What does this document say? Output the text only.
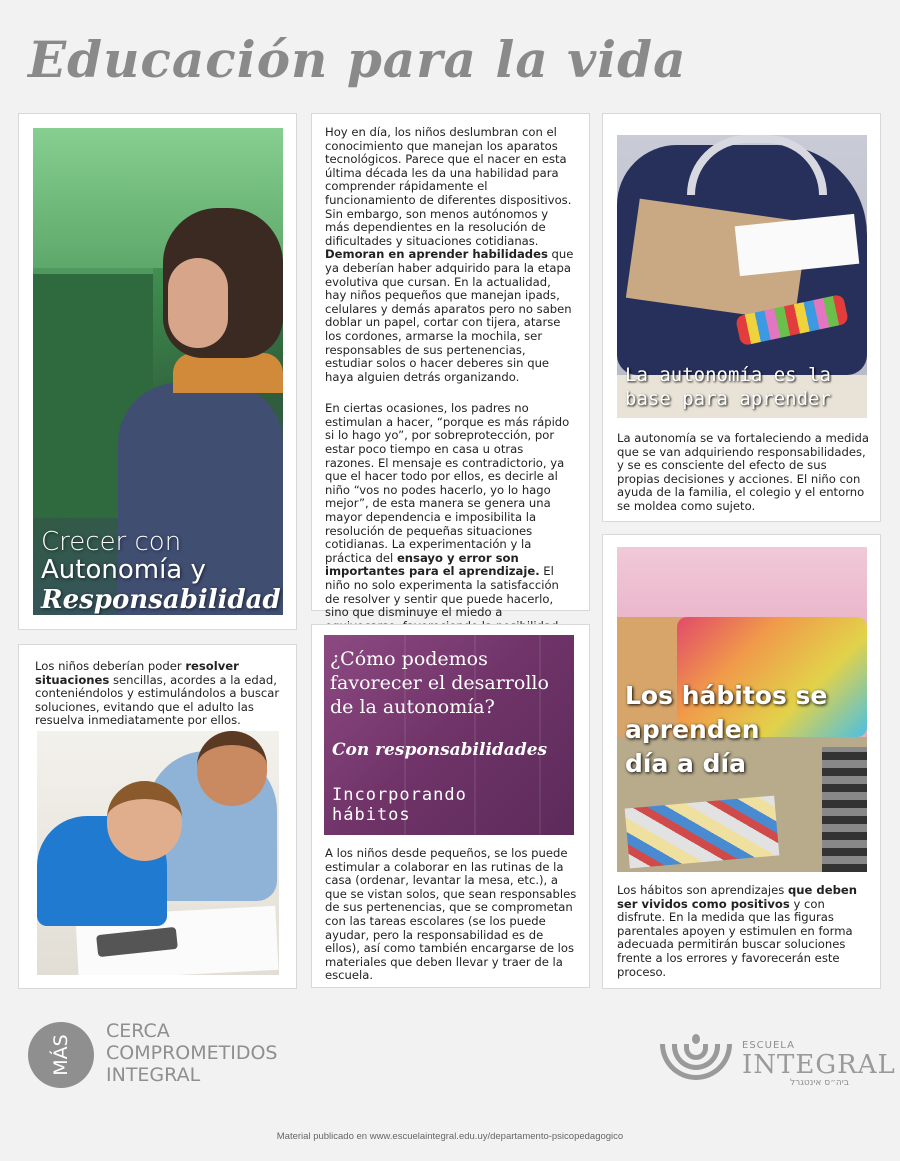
Educación para la vida
Crecer con
Autonomía y
Responsabilidad

Hoy en día, los niños deslumbran con el conocimiento que manejan los aparatos tecnológicos. Parece que el nacer en esta última década les da una habilidad para comprender rápidamente el funcionamiento de diferentes dispositivos. Sin embargo, son menos autónomos y más dependientes en la resolución de dificultades y situaciones cotidianas. Demoran en aprender habilidades que ya deberían haber adquirido para la etapa evolutiva que cursan. En la actualidad, hay niños pequeños que manejan ipads, celulares y demás aparatos pero no saben doblar un papel, cortar con tijera, atarse los cordones, armarse la mochila, ser responsables de sus pertenencias, estudiar solos o hacer deberes sin que haya alguien detrás organizando.

En ciertas ocasiones, los padres no estimulan a hacer, “porque es más rápido si lo hago yo”, por sobreprotección, por estar poco tiempo en casa u otras razones. El mensaje es contradictorio, ya que el hacer todo por ellos, es decirle al niño “vos no podes hacerlo, yo lo hago mejor”, de esta manera se genera una mayor dependencia e imposibilita la resolución de pequeñas situaciones cotidianas. La experimentación y la práctica del ensayo y error son importantes para el aprendizaje. El niño no solo experimenta la satisfacción de resolver y sentir que puede hacerlo, sino que disminuye el miedo a

La autonomía es la
base para aprender

La autonomía se va fortaleciendo a medida que se van adquiriendo responsabilidades, y se es consciente del efecto de sus propias decisiones y acciones. El niño con ayuda de la familia, el colegio y el entorno se moldea como sujeto.

Los niños deberían poder resolver situaciones sencillas, acordes a la edad, conteniéndolos y estimulándolos a buscar soluciones, evitando que el adulto las resuelva inmediatamente por ellos.

¿Cómo podemos
favorecer el desarrollo
de la autonomía?
Con responsabilidades
Incorporando
hábitos

A los niños desde pequeños, se los puede estimular a colaborar en las rutinas de la casa (ordenar, levantar la mesa, etc.), a que se vistan solos, que sean responsables de sus pertenencias, que se comprometan con las tareas escolares (se los puede ayudar, pero la responsabilidad es de ellos), así como también encargarse de los materiales que deben llevar y traer de la escuela.

Los hábitos se
aprenden
día a día

Los hábitos son aprendizajes que deben ser vividos como positivos y con disfrute. En la medida que las figuras parentales apoyen y estimulen en forma adecuada permitirán buscar soluciones frente a los errores y favorecerán este proceso.

MÁS
CERCA
COMPROMETIDOS
INTEGRAL
ESCUELA
INTEGRAL
ביה״ס אינטגרל
Material publicado en www.escuelaintegral.edu.uy/departamento-psicopedagogico
